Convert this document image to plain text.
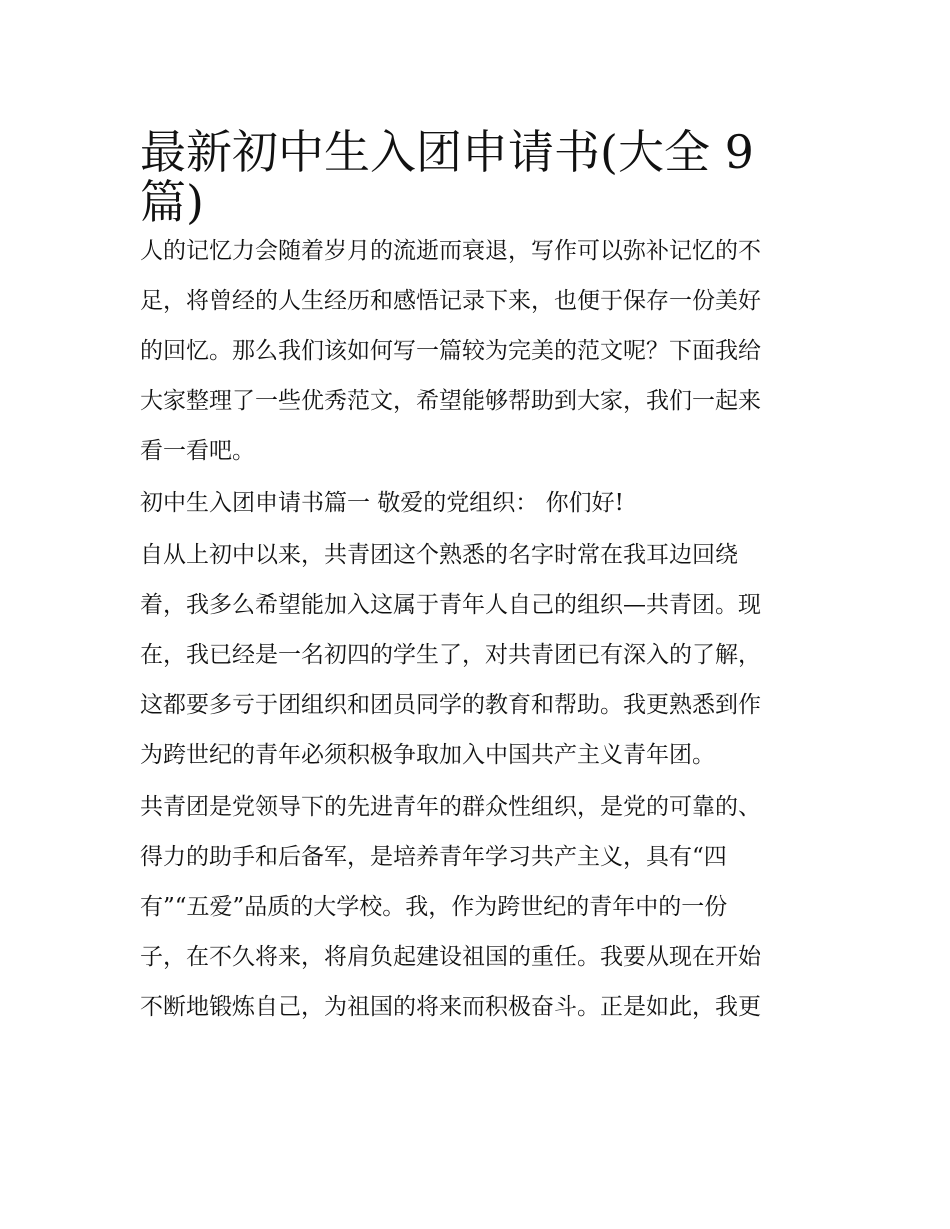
最新初中生入团申请书(大全 9
篇)

人的记忆力会随着岁月的流逝而衰退，写作可以弥补记忆的不
足，将曾经的人生经历和感悟记录下来，也便于保存一份美好
的回忆。那么我们该如何写一篇较为完美的范文呢？下面我给
大家整理了一些优秀范文，希望能够帮助到大家，我们一起来
看一看吧。

初中生入团申请书篇一 敬爱的党组织： 你们好!

自从上初中以来，共青团这个熟悉的名字时常在我耳边回绕
着，我多么希望能加入这属于青年人自己的组织—共青团。现
在，我已经是一名初四的学生了，对共青团已有深入的了解，
这都要多亏于团组织和团员同学的教育和帮助。我更熟悉到作
为跨世纪的青年必须积极争取加入中国共产主义青年团。

共青团是党领导下的先进青年的群众性组织，是党的可靠的、
得力的助手和后备军，是培养青年学习共产主义，具有“四
有”“五爱”品质的大学校。我，作为跨世纪的青年中的一份
子，在不久将来，将肩负起建设祖国的重任。我要从现在开始
不断地锻炼自己，为祖国的将来而积极奋斗。正是如此，我更
